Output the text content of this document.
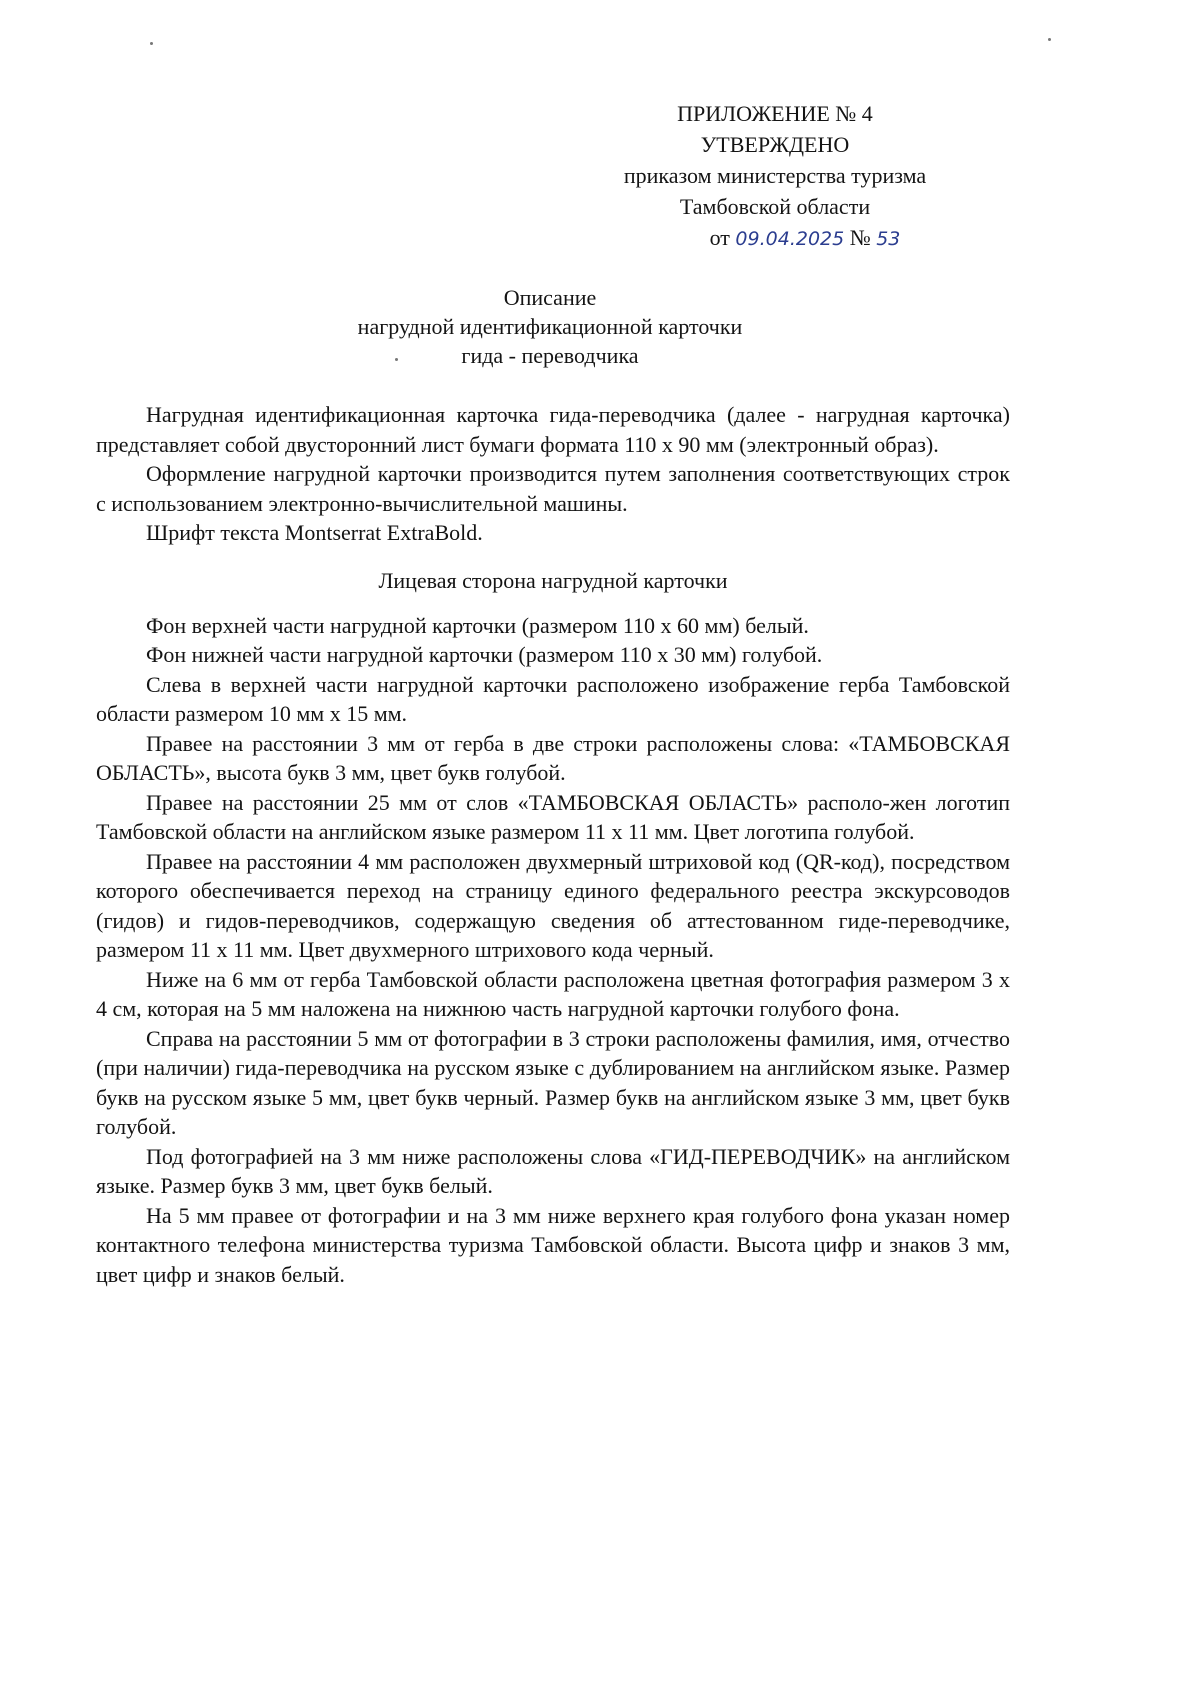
ПРИЛОЖЕНИЕ № 4
УТВЕРЖДЕНО
приказом министерства туризма
Тамбовской области
от 09.04.2025 № 53
Описание
нагрудной идентификационной карточки
гида - переводчика

Нагрудная идентификационная карточка гида-переводчика (далее - нагрудная карточка) представляет собой двусторонний лист бумаги формата 110 х 90 мм (электронный образ).

Оформление нагрудной карточки производится путем заполнения соответствующих строк с использованием электронно-вычислительной машины.

Шрифт текста Montserrat ExtraBold.

Лицевая сторона нагрудной карточки

Фон верхней части нагрудной карточки (размером 110 х 60 мм) белый.

Фон нижней части нагрудной карточки (размером 110 х 30 мм) голубой.

Слева в верхней части нагрудной карточки расположено изображение герба Тамбовской области размером 10 мм х 15 мм.

Правее на расстоянии 3 мм от герба в две строки расположены слова: «ТАМБОВСКАЯ ОБЛАСТЬ», высота букв 3 мм, цвет букв голубой.

Правее на расстоянии 25 мм от слов «ТАМБОВСКАЯ ОБЛАСТЬ» располо-жен логотип Тамбовской области на английском языке размером 11 х 11 мм. Цвет логотипа голубой.

Правее на расстоянии 4 мм расположен двухмерный штриховой код (QR-код), посредством которого обеспечивается переход на страницу единого федерального реестра экскурсоводов (гидов) и гидов-переводчиков, содержащую сведения об аттестованном гиде-переводчике, размером 11 х 11 мм. Цвет двухмерного штрихового кода черный.

Ниже на 6 мм от герба Тамбовской области расположена цветная фотография размером 3 х 4 см, которая на 5 мм наложена на нижнюю часть нагрудной карточки голубого фона.

Справа на расстоянии 5 мм от фотографии в 3 строки расположены фамилия, имя, отчество (при наличии) гида-переводчика на русском языке с дублированием на английском языке. Размер букв на русском языке 5 мм, цвет букв черный. Размер букв на английском языке 3 мм, цвет букв голубой.

Под фотографией на 3 мм ниже расположены слова «ГИД-ПЕРЕВОДЧИК» на английском языке. Размер букв 3 мм, цвет букв белый.

На 5 мм правее от фотографии и на 3 мм ниже верхнего края голубого фона указан номер контактного телефона министерства туризма Тамбовской области. Высота цифр и знаков 3 мм, цвет цифр и знаков белый.
